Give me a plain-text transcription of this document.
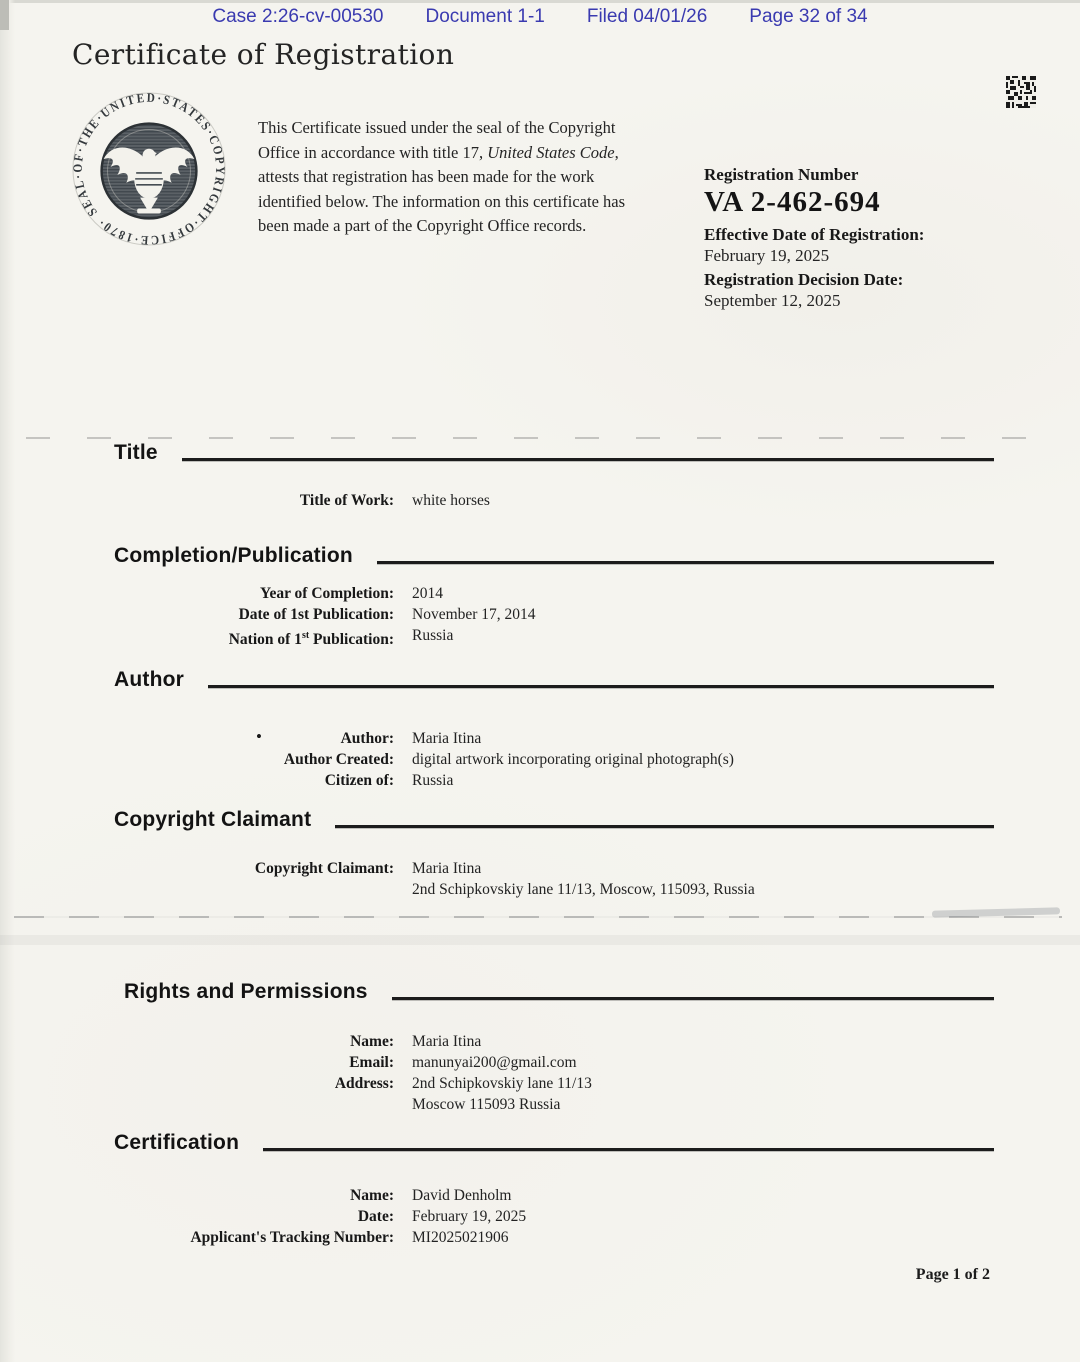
Case 2:26-cv-00530 Document 1-1 Filed 04/01/26 Page 32 of 34
Certificate of Registration
SEAL·OF·THE·UNITED·STATES·COPYRIGHT·OFFICE·1870·

This Certificate issued under the seal of the Copyright Office in accordance with title 17, United States Code, attests that registration has been made for the work identified below. The information on this certificate has been made a part of the Copyright Office records.

Registration Number
VA 2-462-694
Effective Date of Registration:
February 19, 2025
Registration Decision Date:
September 12, 2025
Title
Title of Work: white horses
Completion/Publication
Year of Completion: 2014
Date of 1st Publication: November 17, 2014
Nation of 1st Publication: Russia
Author
•	Author: Maria Itina
Author Created: digital artwork incorporating original photograph(s)
Citizen of: Russia
Copyright Claimant
Copyright Claimant: Maria Itina
2nd Schipkovskiy lane 11/13, Moscow, 115093, Russia
Rights and Permissions
Name: Maria Itina
Email: manunyai200@gmail.com
Address: 2nd Schipkovskiy lane 11/13
Moscow 115093 Russia
Certification
Name: David Denholm
Date: February 19, 2025
Applicant's Tracking Number: MI2025021906
Page 1 of 2
